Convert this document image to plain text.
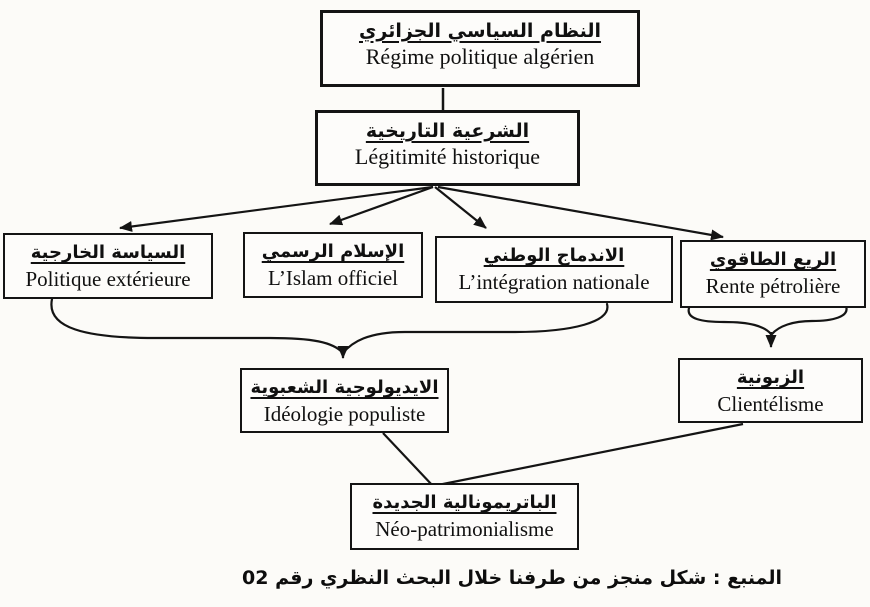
النظام السياسي الجزائري
Régime politique algérien
الشرعية التاريخية
Légitimité historique
السياسة الخارجية
Politique extérieure
الإسلام الرسمي
L’Islam officiel
الاندماج الوطني
L’intégration nationale
الريع الطاقوي
Rente pétrolière
الايديولوجية الشعبوية
Idéologie populiste
الزبونية
Clientélisme
الباتريمونالية الجديدة
Néo-patrimonialisme
المنبع : شكل منجز من طرفنا خلال البحث النظري رقم 02
